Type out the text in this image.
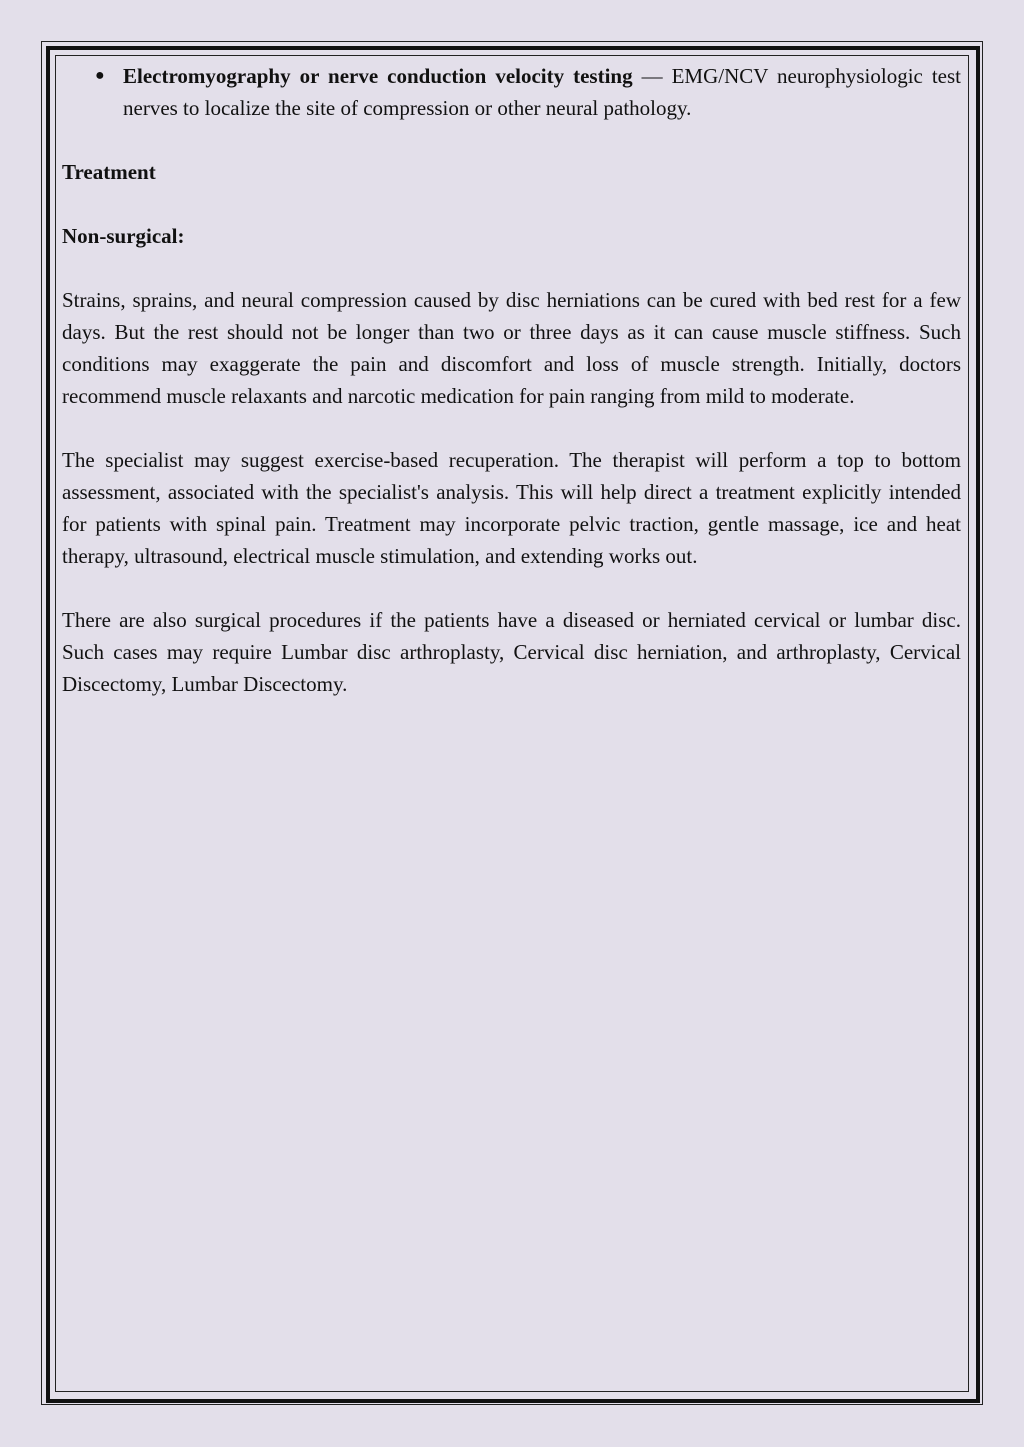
● Electromyography or nerve conduction velocity testing — EMG/NCV neurophysiologic test nerves to localize the site of compression or other neural pathology.
Treatment
Non-surgical:

Strains, sprains, and neural compression caused by disc herniations can be cured with bed rest for a few days. But the rest should not be longer than two or three days as it can cause muscle stiffness. Such conditions may exaggerate the pain and discomfort and loss of muscle strength. Initially, doctors recommend muscle relaxants and narcotic medication for pain ranging from mild to moderate.

The specialist may suggest exercise-based recuperation. The therapist will perform a top to bottom assessment, associated with the specialist's analysis. This will help direct a treatment explicitly intended for patients with spinal pain. Treatment may incorporate pelvic traction, gentle massage, ice and heat therapy, ultrasound, electrical muscle stimulation, and extending works out.

There are also surgical procedures if the patients have a diseased or herniated cervical or lumbar disc. Such cases may require Lumbar disc arthroplasty, Cervical disc herniation, and arthroplasty, Cervical Discectomy, Lumbar Discectomy.
